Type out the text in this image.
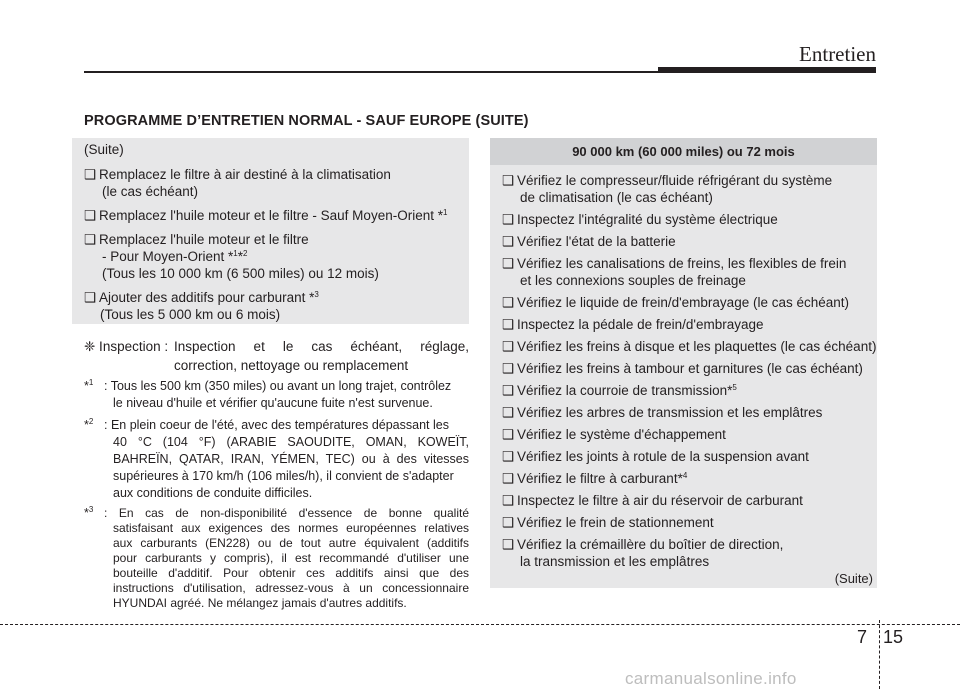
Entretien
PROGRAMME D’ENTRETIEN NORMAL - SAUF EUROPE (SUITE)
(Suite)
❑ Remplacez le filtre à air destiné à la climatisation
(le cas échéant)
❑ Remplacez l'huile moteur et le filtre - Sauf Moyen-Orient *$^1$
❑ Remplacez l'huile moteur et le filtre
- Pour Moyen-Orient *$^1$*$^2$
(Tous les 10 000 km (6 500 miles) ou 12 mois)
❑ Ajouter des additifs pour carburant *$^3$
(Tous les 5 000 km ou 6 mois)
❈ Inspection : Inspection et le cas échéant, réglage,
correction, nettoyage ou remplacement
*$^1$ : Tous les 500 km (350 miles) ou avant un long trajet, contrôlez
le niveau d'huile et vérifier qu'aucune fuite n'est survenue.
*$^2$ : En plein coeur de l'été, avec des températures dépassant les
40 °C (104 °F) (ARABIE SAOUDITE, OMAN, KOWEÏT,
BAHREÏN, QATAR, IRAN, YÉMEN, TEC) ou à des vitesses
supérieures à 170 km/h (106 miles/h), il convient de s'adapter
aux conditions de conduite difficiles.
*$^3$ : En cas de non-disponibilité d'essence de bonne qualité
satisfaisant aux exigences des normes européennes relatives
aux carburants (EN228) ou de tout autre équivalent (additifs
pour carburants y compris), il est recommandé d'utiliser une
bouteille d'additif. Pour obtenir ces additifs ainsi que des
instructions d'utilisation, adressez-vous à un concessionnaire
HYUNDAI agréé. Ne mélangez jamais d'autres additifs.
90 000 km (60 000 miles) ou 72 mois
❑ Vérifiez le compresseur/fluide réfrigérant du système
de climatisation (le cas échéant)
❑ Inspectez l'intégralité du système électrique
❑ Vérifiez l'état de la batterie
❑ Vérifiez les canalisations de freins, les flexibles de frein
et les connexions souples de freinage
❑ Vérifiez le liquide de frein/d'embrayage (le cas échéant)
❑ Inspectez la pédale de frein/d'embrayage
❑ Vérifiez les freins à disque et les plaquettes (le cas échéant)
❑ Vérifiez les freins à tambour et garnitures (le cas échéant)
❑ Vérifiez la courroie de transmission*$^5$
❑ Vérifiez les arbres de transmission et les emplâtres
❑ Vérifiez le système d'échappement
❑ Vérifiez les joints à rotule de la suspension avant
❑ Vérifiez le filtre à carburant*$^4$
❑ Inspectez le filtre à air du réservoir de carburant
❑ Vérifiez le frein de stationnement
❑ Vérifiez la crémaillère du boîtier de direction,
la transmission et les emplâtres
(Suite)
7 15
carmanualsonline.info
